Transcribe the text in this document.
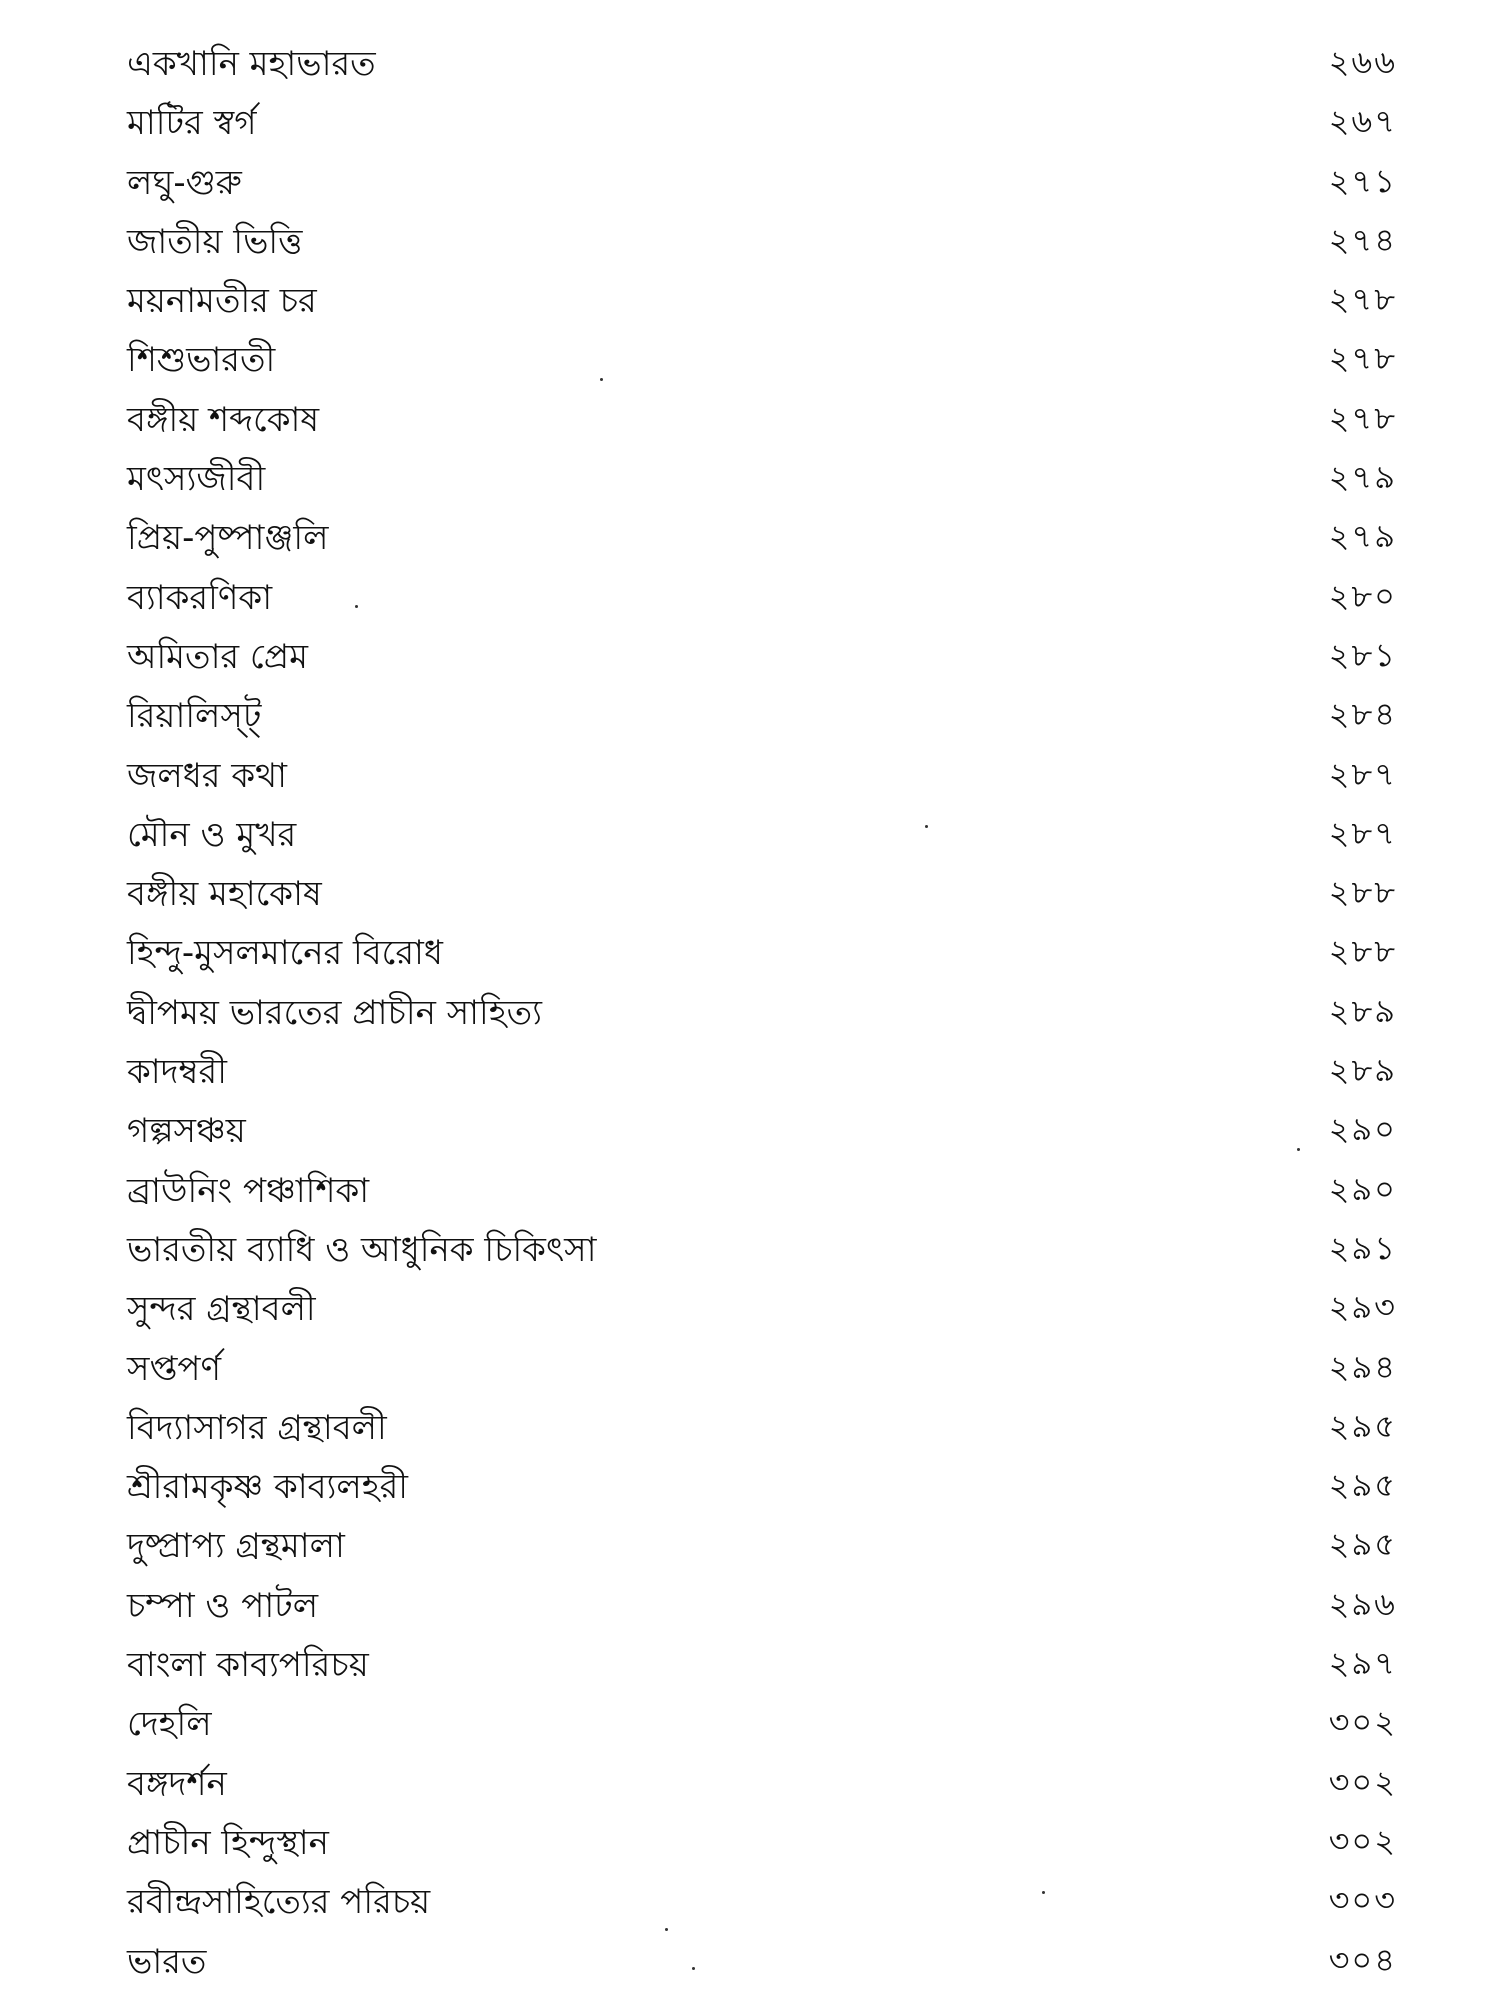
একখানি মহাভারত	২৬৬
মাটির স্বর্গ	২৬৭
লঘু-গুরু	২৭১
জাতীয় ভিত্তি	২৭৪
ময়নামতীর চর	২৭৮
শিশুভারতী	২৭৮
বঙ্গীয় শব্দকোষ	২৭৮
মৎস্যজীবী	২৭৯
প্রিয়-পুষ্পাঞ্জলি	২৭৯
ব্যাকরণিকা	২৮০
অমিতার প্রেম	২৮১
রিয়ালিস্ট্	২৮৪
জলধর কথা	২৮৭
মৌন ও মুখর	২৮৭
বঙ্গীয় মহাকোষ	২৮৮
হিন্দু-মুসলমানের বিরোধ	২৮৮
দ্বীপময় ভারতের প্রাচীন সাহিত্য	২৮৯
কাদম্বরী	২৮৯
গল্পসঞ্চয়	২৯০
ব্রাউনিং পঞ্চাশিকা	২৯০
ভারতীয় ব্যাধি ও আধুনিক চিকিৎসা	২৯১
সুন্দর গ্রন্থাবলী	২৯৩
সপ্তপর্ণ	২৯৪
বিদ্যাসাগর গ্রন্থাবলী	২৯৫
শ্রীরামকৃষ্ণ কাব্যলহরী	২৯৫
দুষ্প্রাপ্য গ্রন্থমালা	২৯৫
চম্পা ও পাটল	২৯৬
বাংলা কাব্যপরিচয়	২৯৭
দেহলি	৩০২
বঙ্গদর্শন	৩০২
প্রাচীন হিন্দুস্থান	৩০২
রবীন্দ্রসাহিত্যের পরিচয়	৩০৩
ভারত	৩০৪
